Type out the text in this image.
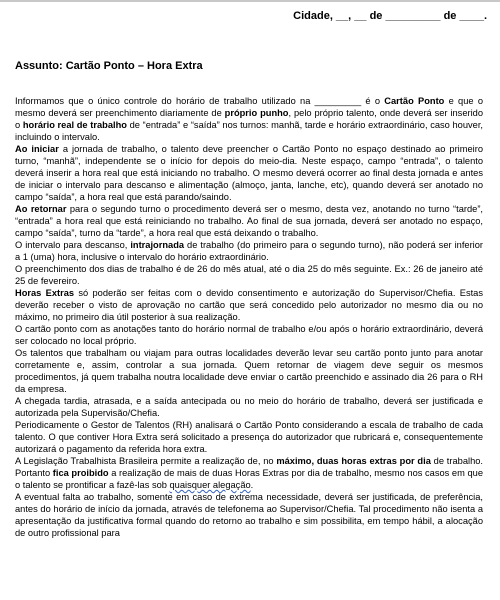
Cidade, __, __ de _________ de ____.
Assunto: Cartão Ponto – Hora Extra

Informamos que o único controle do horário de trabalho utilizado na _________ é o Cartão Ponto e que o mesmo deverá ser preenchimento diariamente de próprio punho, pelo próprio talento, onde deverá ser inserido o horário real de trabalho de “entrada” e “saída” nos turnos: manhã, tarde e horário extraordinário, caso houver, incluindo o intervalo.

Ao iniciar a jornada de trabalho, o talento deve preencher o Cartão Ponto no espaço destinado ao primeiro turno, “manhã”, independente se o início for depois do meio-dia. Neste espaço, campo “entrada”, o talento deverá inserir a hora real que está iniciando no trabalho. O mesmo deverá ocorrer ao final desta jornada e antes de iniciar o intervalo para descanso e alimentação (almoço, janta, lanche, etc), quando deverá ser anotado no campo “saída”, a hora real que está parando/saindo.

Ao retornar para o segundo turno o procedimento deverá ser o mesmo, desta vez, anotando no turno “tarde”, “entrada” a hora real que está reiniciando no trabalho. Ao final de sua jornada, deverá ser anotado no espaço, campo “saída”, turno da “tarde”, a hora real que está deixando o trabalho.

O intervalo para descanso, intrajornada de trabalho (do primeiro para o segundo turno), não poderá ser inferior a 1 (uma) hora, inclusive o intervalo do horário extraordinário.

O preenchimento dos dias de trabalho é de 26 do mês atual, até o dia 25 do mês seguinte. Ex.: 26 de janeiro até 25 de fevereiro.

Horas Extras só poderão ser feitas com o devido consentimento e autorização do Supervisor/Chefia. Estas deverão receber o visto de aprovação no cartão que será concedido pelo autorizador no mesmo dia ou no máximo, no primeiro dia útil posterior à sua realização.

O cartão ponto com as anotações tanto do horário normal de trabalho e/ou após o horário extraordinário, deverá ser colocado no local próprio.

Os talentos que trabalham ou viajam para outras localidades deverão levar seu cartão ponto junto para anotar corretamente e, assim, controlar a sua jornada. Quem retornar de viagem deve seguir os mesmos procedimentos, já quem trabalha noutra localidade deve enviar o cartão preenchido e assinado dia 26 para o RH da empresa.

A chegada tardia, atrasada, e a saída antecipada ou no meio do horário de trabalho, deverá ser justificada e autorizada pela Supervisão/Chefia.

Periodicamente o Gestor de Talentos (RH) analisará o Cartão Ponto considerando a escala de trabalho de cada talento. O que contiver Hora Extra será solicitado a presença do autorizador que rubricará e, consequentemente autorizará o pagamento da referida hora extra.

A Legislação Trabalhista Brasileira permite a realização de, no máximo, duas horas extras por dia de trabalho. Portanto fica proibido a realização de mais de duas Horas Extras por dia de trabalho, mesmo nos casos em que o talento se prontificar a fazê-las sob quaisquer alegação.

A eventual falta ao trabalho, somente em caso de extrema necessidade, deverá ser justificada, de preferência, antes do horário de início da jornada, através de telefonema ao Supervisor/Chefia. Tal procedimento não isenta a apresentação da justificativa formal quando do retorno ao trabalho e sim possibilita, em tempo hábil, a alocação de outro profissional para
